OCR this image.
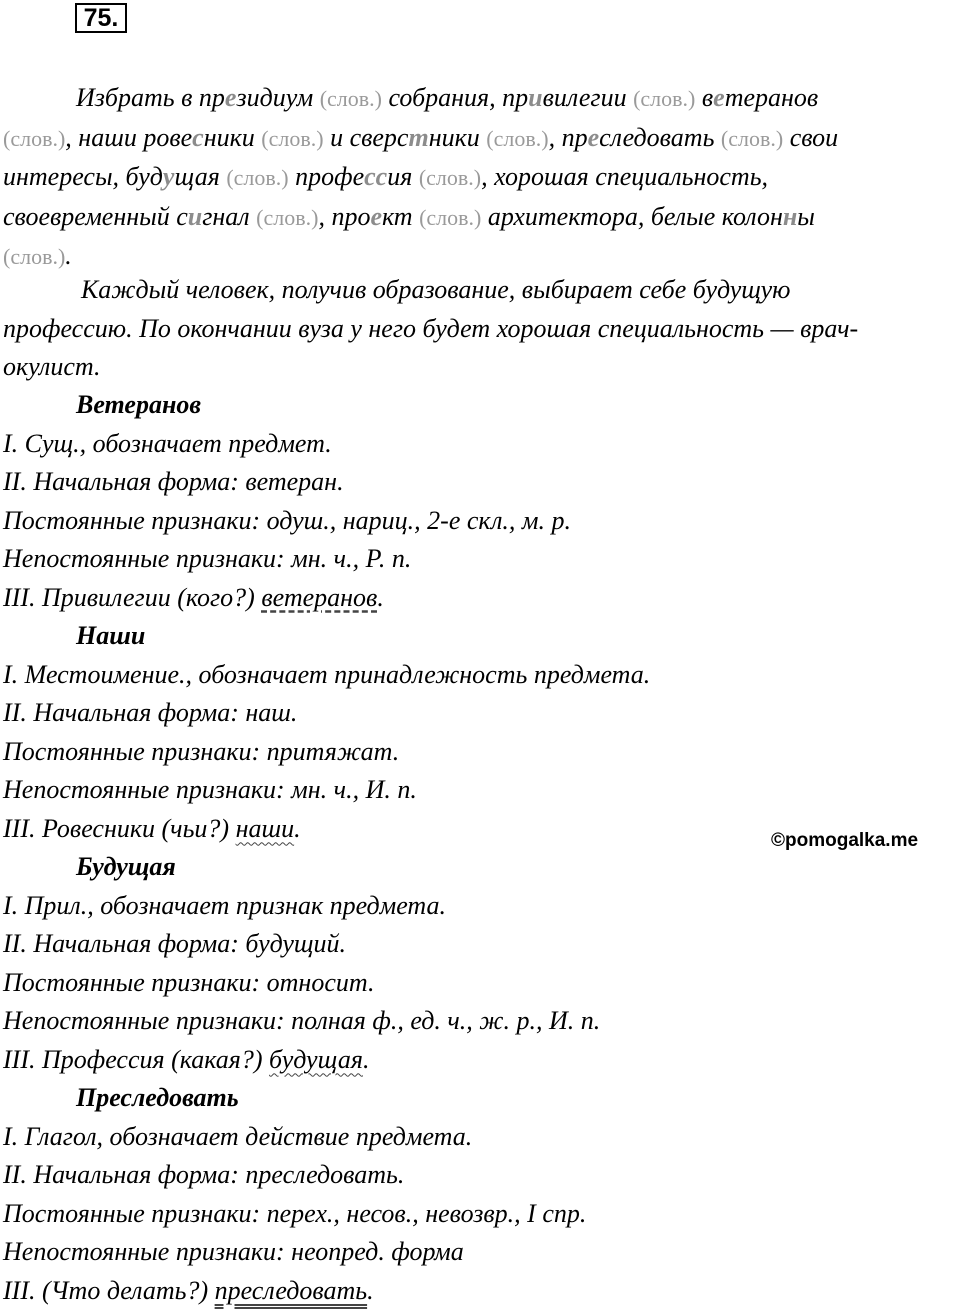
75.

Избрать в президиум (слов.) собрания, привилегии (слов.) ветеранов

(слов.), наши ровесники (слов.) и сверстники (слов.), преследовать (слов.) свои

интересы, будущая (слов.) профессия (слов.), хорошая специальность,

своевременный сигнал (слов.), проект (слов.) архитектора, белые колонны

(слов.).

Каждый человек, получив образование, выбирает себе будущую

профессию. По окончании вуза у него будет хорошая специальность — врач-

окулист.

Ветеранов

I. Сущ., обозначает предмет.

II. Начальная форма: ветеран.

Постоянные признаки: одуш., нариц., 2-е скл., м. р.

Непостоянные признаки: мн. ч., Р. п.

III. Привилегии (кого?) ветеранов.

Наши

I. Местоимение., обозначает принадлежность предмета.

II. Начальная форма: наш.

Постоянные признаки: притяжат.

Непостоянные признаки: мн. ч., И. п.

III. Ровесники (чьи?) наши.

Будущая

I. Прил., обозначает признак предмета.

II. Начальная форма: будущий.

Постоянные признаки: относит.

Непостоянные признаки: полная ф., ед. ч., ж. р., И. п.

III. Профессия (какая?) будущая.

Преследовать

I. Глагол, обозначает действие предмета.

II. Начальная форма: преследовать.

Постоянные признаки: перех., несов., невозвр., I спр.

Непостоянные признаки: неопред. форма

III. (Что делать?) преследовать.

©pomogalka.me
